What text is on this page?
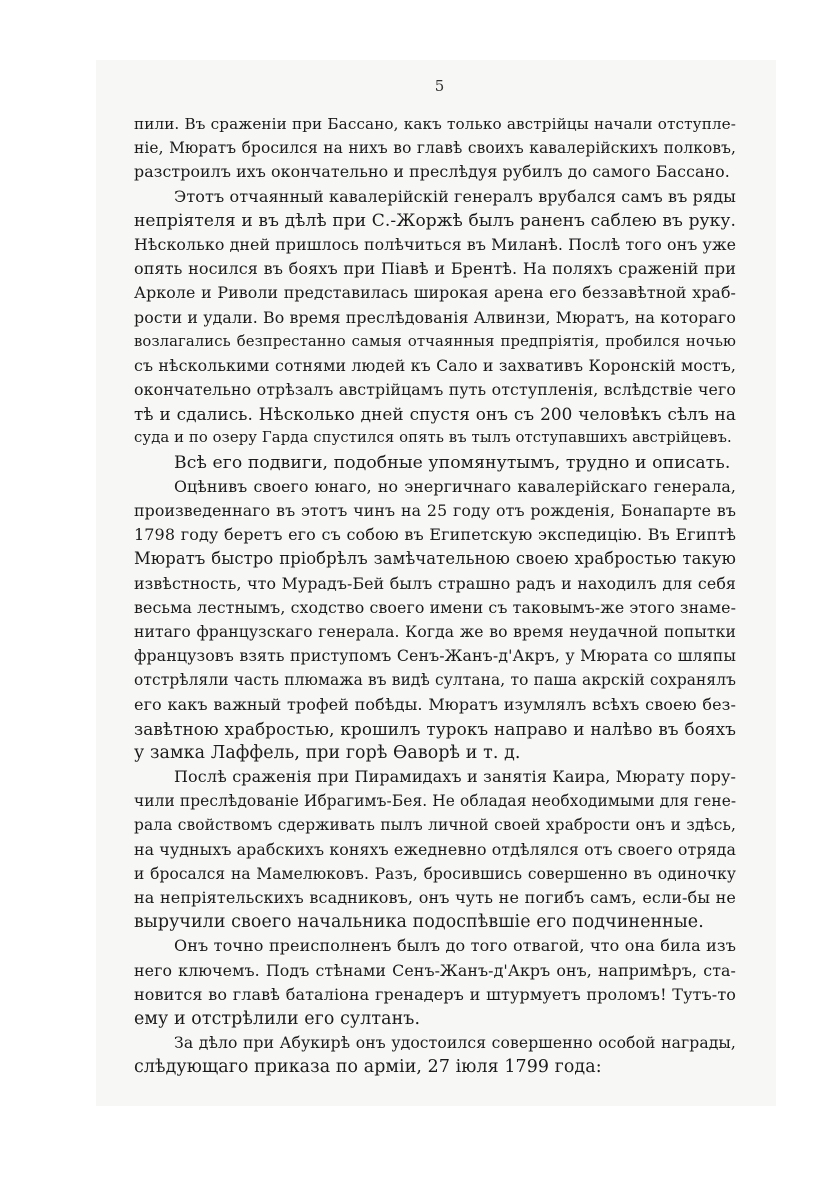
5
пили. Въ сраженіи при Бассано, какъ только австрійцы начали отступле-
ніе, Мюратъ бросился на нихъ во главѣ своихъ кавалерійскихъ полковъ,
разстроилъ ихъ окончательно и преслѣдуя рубилъ до самого Бассано.
Этотъ отчаянный кавалерійскій генералъ врубался самъ въ ряды
непріятеля и въ дѣлѣ при С.-Жоржѣ былъ раненъ саблею въ руку.
Нѣсколько дней пришлось полѣчиться въ Миланѣ. Послѣ того онъ уже
опять носился въ бояхъ при Піавѣ и Брентѣ. На поляхъ сраженій при
Арколе и Риволи представилась широкая арена его беззавѣтной храб-
рости и удали. Во время преслѣдованія Алвинзи, Мюратъ, на котораго
возлагались безпрестанно самыя отчаянныя предпріятія, пробился ночью
съ нѣсколькими сотнями людей къ Сало и захвативъ Коронскій мостъ,
окончательно отрѣзалъ австрійцамъ путь отступленія, вслѣдствіе чего
тѣ и сдались. Нѣсколько дней спустя онъ съ 200 человѣкъ сѣлъ на
суда и по озеру Гарда спустился опять въ тылъ отступавшихъ австрійцевъ.
Всѣ его подвиги, подобные упомянутымъ, трудно и описать.
Оцѣнивъ своего юнаго, но энергичнаго кавалерійскаго генерала,
произведеннаго въ этотъ чинъ на 25 году отъ рожденія, Бонапарте въ
1798 году беретъ его съ собою въ Египетскую экспедицію. Въ Египтѣ
Мюратъ быстро пріобрѣлъ замѣчательною своею храбростью такую
извѣстность, что Мурадъ-Бей былъ страшно радъ и находилъ для себя
весьма лестнымъ, сходство своего имени съ таковымъ-же этого знаме-
нитаго французскаго генерала. Когда же во время неудачной попытки
французовъ взять приступомъ Сенъ-Жанъ-д'Акръ, у Мюрата со шляпы
отстрѣляли часть плюмажа въ видѣ султана, то паша акрскій сохранялъ
его какъ важный трофей побѣды. Мюратъ изумлялъ всѣхъ своею без-
завѣтною храбростью, крошилъ турокъ направо и налѣво въ бояхъ
у замка Лаффель, при горѣ Ѳаворѣ и т. д.
Послѣ сраженія при Пирамидахъ и занятія Каира, Мюрату пору-
чили преслѣдованіе Ибрагимъ-Бея. Не обладая необходимыми для гене-
рала свойствомъ сдерживать пылъ личной своей храбрости онъ и здѣсь,
на чудныхъ арабскихъ коняхъ ежедневно отдѣлялся отъ своего отряда
и бросался на Мамелюковъ. Разъ, бросившись совершенно въ одиночку
на непріятельскихъ всадниковъ, онъ чуть не погибъ самъ, если-бы не
выручили своего начальника подоспѣвшіе его подчиненные.
Онъ точно преисполненъ былъ до того отвагой, что она била изъ
него ключемъ. Подъ стѣнами Сенъ-Жанъ-д'Акръ онъ, напримѣръ, ста-
новится во главѣ баталіона гренадеръ и штурмуетъ проломъ! Тутъ-то
ему и отстрѣлили его султанъ.
За дѣло при Абукирѣ онъ удостоился совершенно особой награды,
слѣдующаго приказа по арміи, 27 іюля 1799 года:
